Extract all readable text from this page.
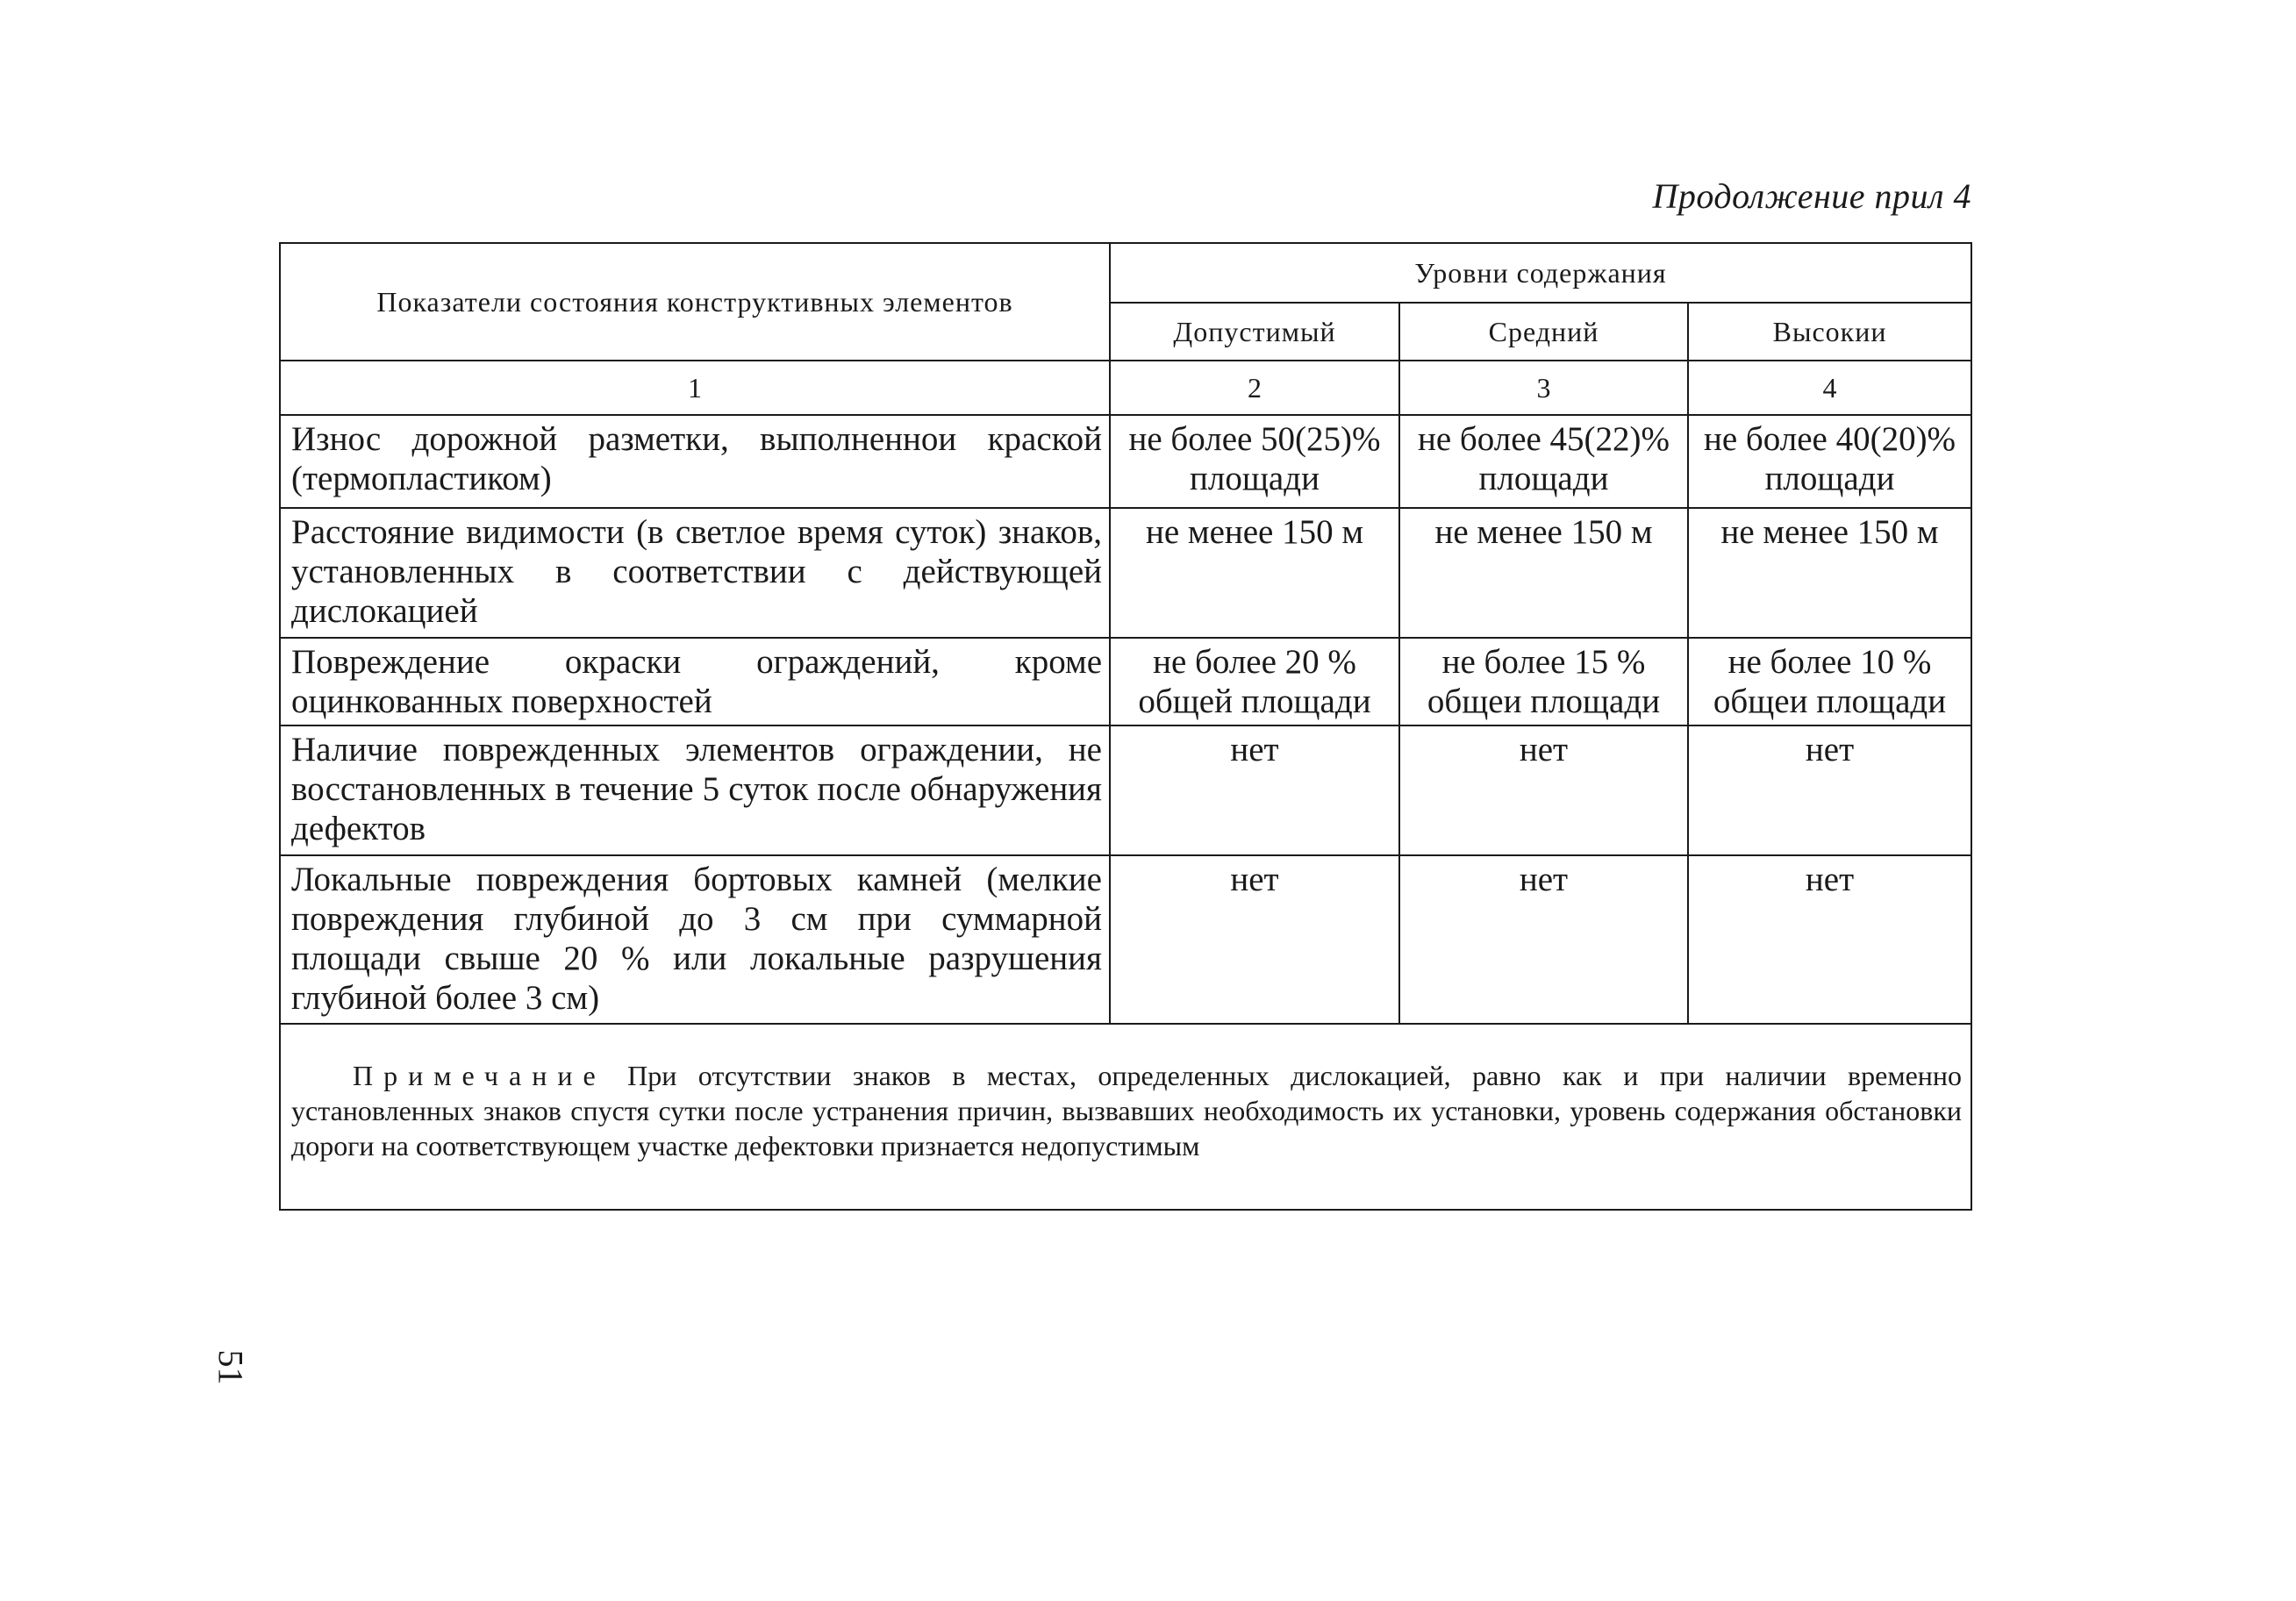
Продолжение прил 4
Показатели состояния конструктивных элементов	Уровни содержания		
	Допустимый	Средний	Высокии
1	2	3	4
Износ дорожной разметки, выполненнои краской (термопластиком)	не более 50(25)% площади	не более 45(22)% площади	не более 40(20)% площади
Расстояние видимости (в светлое время суток) знаков, установленных в соответствии с действующей дислокацией	не менее 150 м	не менее 150 м	не менее 150 м
Повреждение окраски ограждений, кроме оцинкованных поверхностей	не более 20 % общей площади	не более 15 % общеи площади	не более 10 % общеи площади
Наличие поврежденных элементов ограждении, не восстановленных в течение 5 суток после обнаружения дефектов	нет	нет	нет
Локальные повреждения бортовых камней (мелкие повреждения глубиной до 3 см при суммарной площади свыше 20 % или локальные разрушения глубиной более 3 см)	нет	нет	нет
Примечание При отсутствии знаков в местах, определенных дислокацией, равно как и при наличии временно установленных знаков спустя сутки после устранения причин, вызвавших необходимость их установки, уровень содержания обстановки дороги на соответствующем участке дефектовки признается недопустимым			
51
